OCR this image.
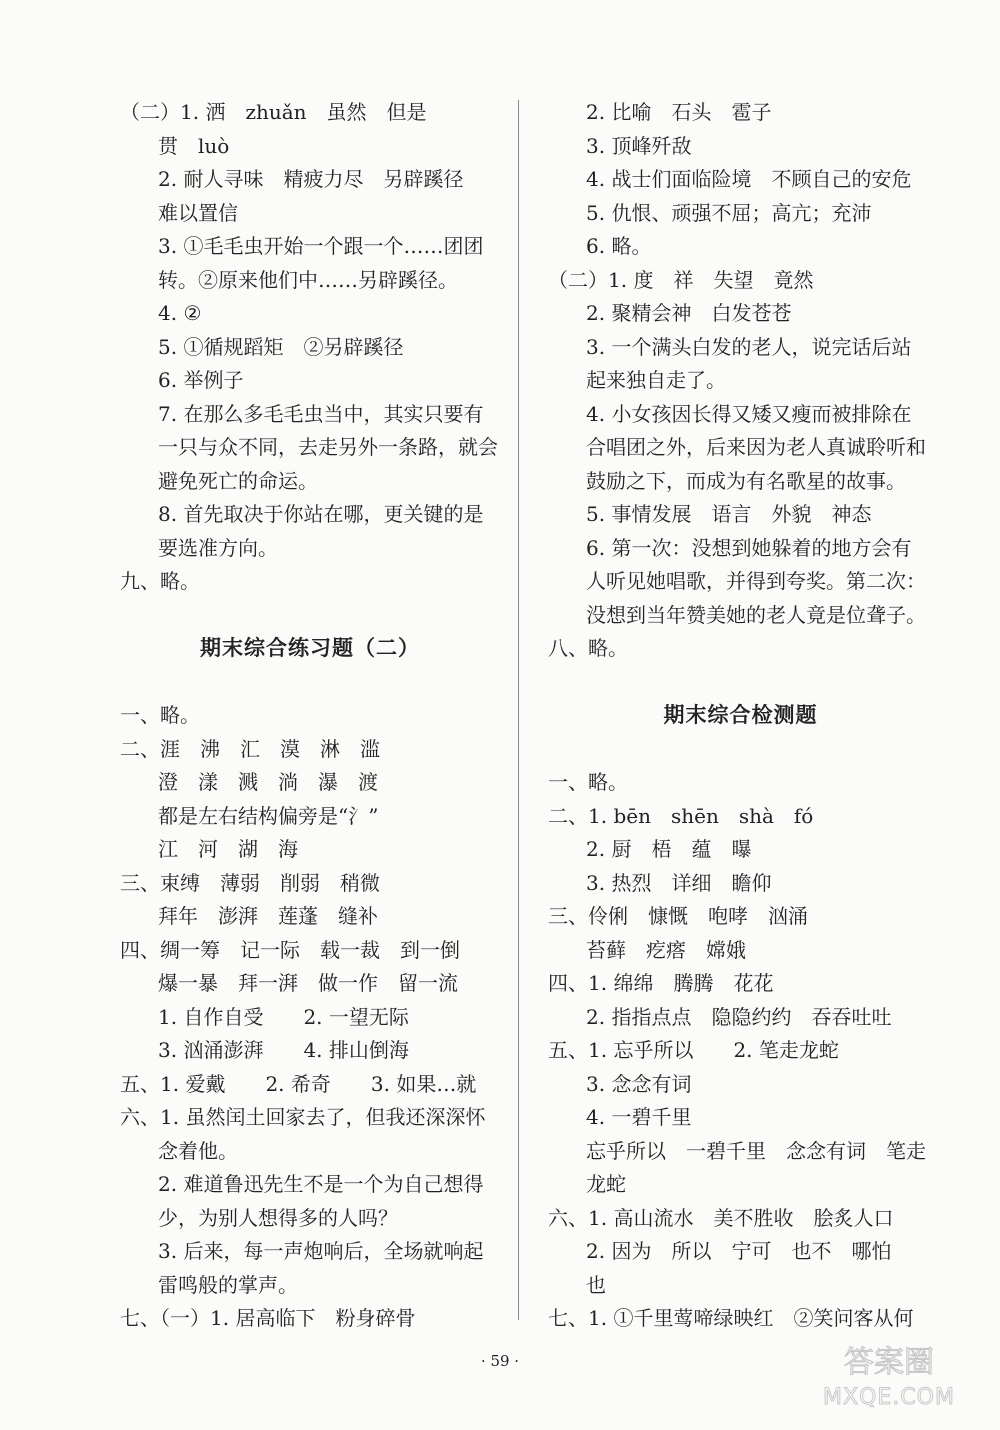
（二）1. 洒　zhuǎn　虽然　但是
贯　luò
2. 耐人寻味　精疲力尽　另辟蹊径
难以置信
3. ①毛毛虫开始一个跟一个……团团
转。②原来他们中……另辟蹊径。
4. ②
5. ①循规蹈矩　②另辟蹊径
6. 举例子
7. 在那么多毛毛虫当中，其实只要有
一只与众不同，去走另外一条路，就会
避免死亡的命运。
8. 首先取决于你站在哪，更关键的是
要选准方向。
九、略。
期末综合练习题（二）
一、略。
二、涯　沸　汇　漠　淋　滥
澄　漾　溅　淌　瀑　渡
都是左右结构偏旁是“氵”
江　河　湖　海
三、束缚　薄弱　削弱　稍微
拜年　澎湃　莲蓬　缝补
四、绸一筹　记一际　载一裁　到一倒
爆一暴　拜一湃　做一作　留一流
1. 自作自受　　2. 一望无际
3. 汹涌澎湃　　4. 排山倒海
五、1. 爱戴　　2. 希奇　　3. 如果…就
六、1. 虽然闰土回家去了，但我还深深怀
念着他。
2. 难道鲁迅先生不是一个为自己想得
少，为别人想得多的人吗？
3. 后来，每一声炮响后，全场就响起
雷鸣般的掌声。
七、（一）1. 居高临下　粉身碎骨
2. 比喻　石头　雹子
3. 顶峰歼敌
4. 战士们面临险境　不顾自己的安危
5. 仇恨、顽强不屈；高亢；充沛
6. 略。
（二）1. 度　祥　失望　竟然
2. 聚精会神　白发苍苍
3. 一个满头白发的老人，说完话后站
起来独自走了。
4. 小女孩因长得又矮又瘦而被排除在
合唱团之外，后来因为老人真诚聆听和
鼓励之下，而成为有名歌星的故事。
5. 事情发展　语言　外貌　神态
6. 第一次：没想到她躲着的地方会有
人听见她唱歌，并得到夸奖。第二次：
没想到当年赞美她的老人竟是位聋子。
八、略。
期末综合检测题
一、略。
二、1. bēn　shēn　shà　fó
2. 厨　梧　蕴　曝
3. 热烈　详细　瞻仰
三、伶俐　慷慨　咆哮　汹涌
苔藓　疙瘩　嫦娥
四、1. 绵绵　腾腾　花花
2. 指指点点　隐隐约约　吞吞吐吐
五、1. 忘乎所以　　2. 笔走龙蛇
3. 念念有词
4. 一碧千里
忘乎所以　一碧千里　念念有词　笔走
龙蛇
六、1. 高山流水　美不胜收　脍炙人口
2. 因为　所以　宁可　也不　哪怕
也
七、1. ①千里莺啼绿映红　②笑问客从何
· 59 ·	答案圈
MXQE.COM
